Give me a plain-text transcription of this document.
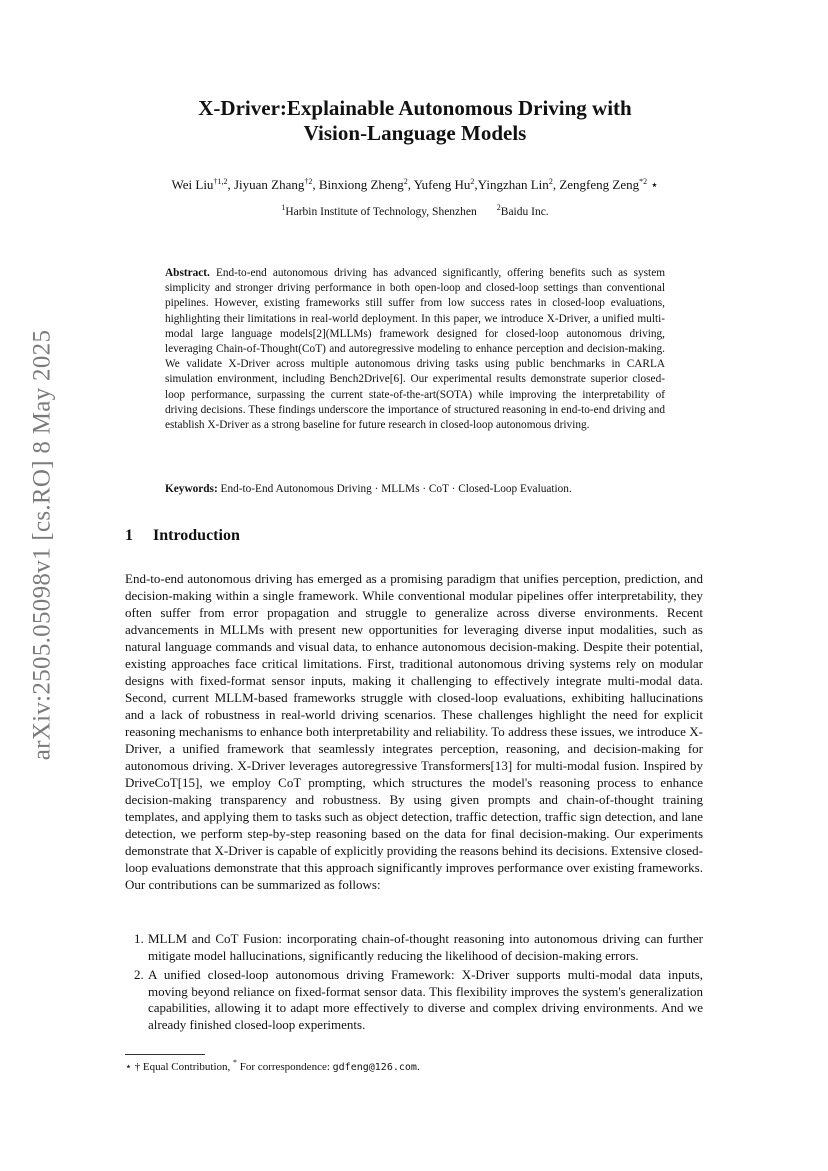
arXiv:2505.05098v1 [cs.RO] 8 May 2025
X-Driver:Explainable Autonomous Driving with
Vision-Language Models
Wei Liu$^{\dagger 1,2}$, Jiyuan Zhang$^{\dagger 2}$, Binxiong Zheng$^2$, Yufeng Hu$^2$,Yingzhan Lin$^2$, Zengfeng Zeng$^{*2}$ ⋆
$^1$Harbin Institute of Technology, Shenzhen	$^2$Baidu Inc.
Abstract. End-to-end autonomous driving has advanced significantly, offering benefits such as system simplicity and stronger driving performance in both open-loop and closed-loop settings than conventional pipelines. However, existing frameworks still suffer from low success rates in closed-loop evaluations, highlighting their limitations in real-world deployment. In this paper, we introduce X-Driver, a unified multi-modal large language models[2](MLLMs) framework designed for closed-loop autonomous driving, leveraging Chain-of-Thought(CoT) and autoregressive modeling to enhance perception and decision-making. We validate X-Driver across multiple autonomous driving tasks using public benchmarks in CARLA simulation environment, including Bench2Drive[6]. Our experimental results demonstrate superior closed-loop performance, surpassing the current state-of-the-art(SOTA) while improving the interpretability of driving decisions. These findings underscore the importance of structured reasoning in end-to-end driving and establish X-Driver as a strong baseline for future research in closed-loop autonomous driving.
Keywords: End-to-End Autonomous Driving · MLLMs · CoT · Closed-Loop Evaluation.
1 Introduction
End-to-end autonomous driving has emerged as a promising paradigm that unifies perception, prediction, and decision-making within a single framework. While conventional modular pipelines offer interpretability, they often suffer from error propagation and struggle to generalize across diverse environments. Recent advancements in MLLMs with present new opportunities for leveraging diverse input modalities, such as natural language commands and visual data, to enhance autonomous decision-making. Despite their potential, existing approaches face critical limitations. First, traditional autonomous driving systems rely on modular designs with fixed-format sensor inputs, making it challenging to effectively integrate multi-modal data. Second, current MLLM-based frameworks struggle with closed-loop evaluations, exhibiting hallucinations and a lack of robustness in real-world driving scenarios. These challenges highlight the need for explicit reasoning mechanisms to enhance both interpretability and reliability. To address these issues, we introduce X-Driver, a unified framework that seamlessly integrates perception, reasoning, and decision-making for autonomous driving. X-Driver leverages autoregressive Transformers[13] for multi-modal fusion. Inspired by DriveCoT[15], we employ CoT prompting, which structures the model's reasoning process to enhance decision-making transparency and robustness. By using given prompts and chain-of-thought training templates, and applying them to tasks such as object detection, traffic detection, traffic sign detection, and lane detection, we perform step-by-step reasoning based on the data for final decision-making. Our experiments demonstrate that X-Driver is capable of explicitly providing the reasons behind its decisions. Extensive closed-loop evaluations demonstrate that this approach significantly improves performance over existing frameworks. Our contributions can be summarized as follows:
1. MLLM and CoT Fusion: incorporating chain-of-thought reasoning into autonomous driving can further mitigate model hallucinations, significantly reducing the likelihood of decision-making errors.
2. A unified closed-loop autonomous driving Framework: X-Driver supports multi-modal data inputs, moving beyond reliance on fixed-format sensor data. This flexibility improves the system's generalization capabilities, allowing it to adapt more effectively to diverse and complex driving environments. And we already finished closed-loop experiments.
⋆ † Equal Contribution, * For correspondence: gdfeng@126.com.
